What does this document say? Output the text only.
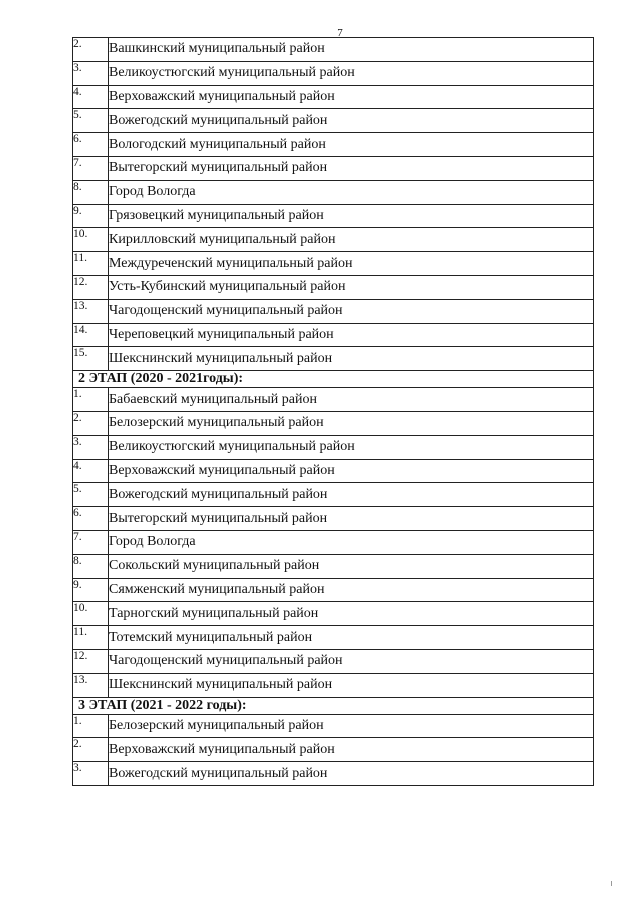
7
2.	Вашкинский муниципальный район
3.	Великоустюгский муниципальный район
4.	Верховажский муниципальный район
5.	Вожегодский муниципальный район
6.	Вологодский муниципальный район
7.	Вытегорский муниципальный район
8.	Город Вологда
9.	Грязовецкий муниципальный район
10.	Кирилловский муниципальный район
11.	Междуреченский муниципальный район
12.	Усть-Кубинский муниципальный район
13.	Чагодощенский муниципальный район
14.	Череповецкий муниципальный район
15.	Шекснинский муниципальный район
2 ЭТАП (2020 - 2021годы):	
1.	Бабаевский муниципальный район
2.	Белозерский муниципальный район
3.	Великоустюгский муниципальный район
4.	Верховажский муниципальный район
5.	Вожегодский муниципальный район
6.	Вытегорский муниципальный район
7.	Город Вологда
8.	Сокольский муниципальный район
9.	Сямженский муниципальный район
10.	Тарногский муниципальный район
11.	Тотемский муниципальный район
12.	Чагодощенский муниципальный район
13.	Шекснинский муниципальный район
3 ЭТАП (2021 - 2022 годы):	
1.	Белозерский муниципальный район
2.	Верховажский муниципальный район
3.	Вожегодский муниципальный район
